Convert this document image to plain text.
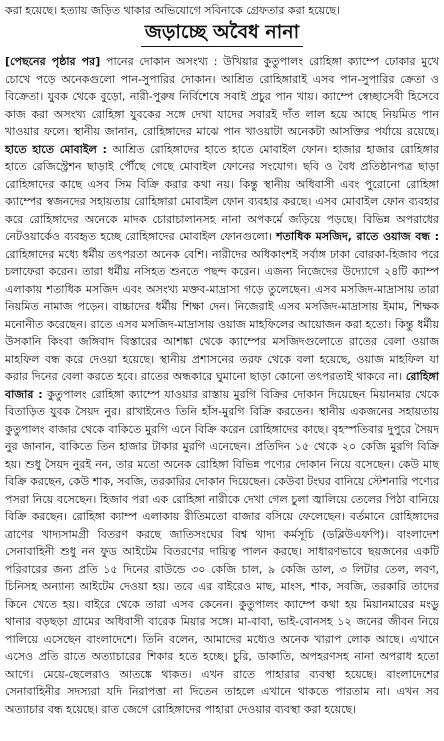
করা হয়েছে। হত্যায় জড়িত থাকার অভিযোগে সবিনাকে গ্রেফতার করা হয়েছে।
জড়াচ্ছে অবৈধ নানা
[পেছনের পৃষ্ঠার পর] পানের দোকান অসংখ্য : উখিয়ার কুতুপালং রোহিঙ্গা ক্যাম্পে ঢোকার মুখে চোখে পড়ে অনেকগুলো পান-সুপারির দোকান। আশ্রিত রোহিঙ্গারাই এসব পান-সুপারির ক্রেতা ও বিক্রেতা। যুবক থেকে বুড়ো, নারী-পুরুষ নির্বিশেষে সবাই প্রচুর পান খায়। ক্যাম্পে স্বেচ্ছাসেবী হিসেবে কাজ করা অসংখ্য রোহিঙ্গা যুবকের সঙ্গে দেখা যাদের সবারই দাঁত লাল হয়ে আছে নিয়মিত পান খাওয়ার ফলে। স্থানীয় জানান, রোহিঙ্গাদের মাঝে পান খাওয়াটা অনেকটা আসক্তির পর্যায়ে রয়েছে। হাতে হাতে মোবাইল : আশ্রিত রোহিঙ্গাদের হাতে হাতে মোবাইল ফোন। হাজার হাজার রোহিঙ্গার হাতে রেজিস্ট্রেশন ছাড়াই পৌঁছে গেছে মোবাইল ফোনের সংযোগ। ছবি ও বৈধ প্রতিষ্ঠানপত্র ছাড়া রোহিঙ্গাদের কাছে এসব সিম বিক্রি করার কথা নয়। কিন্তু স্থানীয় অধিবাসী এবং পুরোনো রোহিঙ্গা ক্যাম্পের স্বজনদের সহায়তায় রোহিঙ্গারা মোবাইল ফোন ব্যবহার করছে। এসব মোবাইল ফোন ব্যবহার করে রোহিঙ্গাদের অনেকে মাদক চোরাচালানসহ নানা অপকর্মে জড়িয়ে পড়ছে। বিভিন্ন অপরাধের নেটওয়ার্কেও ব্যবহৃত হচ্ছে রোহিঙ্গাদের মোবাইল ফোনগুলো। শতাধিক মসজিদ, রাতে ওয়াজ বন্ধ : রোহিঙ্গাদের মধ্যে ধর্মীয় তৎপরতা অনেক বেশি। নারীদের অধিকাংশই সর্বাঙ্গ ঢাকা বোরকা-হিজাব পরে চলাফেরা করেন। তারা ধর্মীয় নসিহত শুনতে পছন্দ করেন। এজন্য নিজেদের উদ্যোগে ২৪টি ক্যাম্প এলাকায় শতাধিক মসজিদ এবং অসংখ্য মক্তব-মাদ্রাসা গড়ে তুলেছেন। এসব মসজিদ-মাদ্রাসায় তারা নিয়মিত নামাজ পড়েন। বাচ্চাদের ধর্মীয় শিক্ষা দেন। নিজেরাই এসব মসজিদ-মাদ্রাসায় ইমাম, শিক্ষক মনোনীত করেছেন। রাতে এসব মসজিদ-মাদ্রাসায় ওয়াজ মাহফিলের আয়োজন করা হতো। কিন্তু ধর্মীয় উসকানি কিংবা জঙ্গিবাদ বিস্তারের আশঙ্কা থেকে ক্যাম্পের মসজিদগুলোতে রাতের বেলা ওয়াজ মাহফিল বন্ধ করে দেওয়া হয়েছে। স্থানীয় প্রশাসনের তরফ থেকে বলা হয়েছে, ওয়াজ মাহফিল যা করার দিনের বেলা করতে হবে। রাতের অন্ধকারে ঘুমানো ছাড়া কোনো তৎপরতাই থাকবে না। রোহিঙ্গা বাজার : কুতুপালং রোহিঙ্গা ক্যাম্পে যাওয়ার রাস্তায় মুরগি বিক্রির দোকান দিয়েছেন মিয়ানমার থেকে বিতাড়িত যুবক সৈয়দ নুর। রাখাইনেও তিনি হাঁস-মুরগি বিক্রি করতেন। স্থানীয় একজনের সহায়তায় কুতুপালং বাজার থেকে বাকিতে মুরগি এনে বিক্রি করেন রোহিঙ্গাদের কাছে। বৃহস্পতিবার দুপুরে সৈয়দ নুর জানান, বাকিতে তিন হাজার টাকার মুরগি এনেছেন। প্রতিদিন ১৫ থেকে ২০ কেজি মুরগি বিক্রি হয়। শুধু সৈয়দ নুরই নন, তার মতো অনেক রোহিঙ্গা বিভিন্ন পণ্যের দোকান নিয়ে বসেছেন। কেউ মাছ বিক্রি করছেন, কেউ শাক, সবজি, তরকারির দোকান দিয়েছেন। কেউবা টংঘর বানিয়ে স্টেশনারি পণ্যের পসরা নিয়ে বসেছেন। হিজাব পরা এক রোহিঙ্গা নারীকে দেখা গেল চুলা জ্বালিয়ে তেলের পিঠা বানিয়ে বিক্রি করছেন। রোহিঙ্গা ক্যাম্প এলাকায় রীতিমতো বাজার বসিয়ে ফেলেছেন। বর্তমানে রোহিঙ্গাদের ত্রাণের খাদ্যসামগ্রী বিতরণ করছে জাতিসংঘের বিশ্ব খাদ্য কর্মসূচি (ডব্লিউএফপি)। বাংলাদেশ সেনাবাহিনী শুধু নন ফুড আইটেম বিতরণের দায়িত্ব পালন করছে। সাধারণভাবে ছয়জনের একটি পরিবারের জন্য প্রতি ১৫ দিনের রাউন্ডে ৩০ কেজি চাল, ৯ কেজি ডাল, ৩ লিটার তেল, লবণ, চিনিসহ অন্যান্য আইটেম দেওয়া হয়। তবে এর বাইরেও মাছ, মাংস, শাক, সবজি, তরকারি তাদের কিনে খেতে হয়। বাইরে থেকে তারা এসব কেনেন। কুতুপালং ক্যাম্পে কথা হয় মিয়ানমারের মংডু থানার বড়ছড়া গ্রামের অধিবাসী বারেক মিয়ার সঙ্গে। মা-বাবা, ভাই-বোনসহ ১২ জনের জীবন নিয়ে পালিয়ে এসেছেন বাংলাদেশে। তিনি বলেন, আমাদের মধ্যেও অনেক খারাপ লোক আছে। এখানে এসেও প্রতি রাতে অত্যাচারের শিকার হতে হচ্ছে। চুরি, ডাকাতি, অপহরণসহ নানা অপরাধ হতো আগে। মেয়ে-ছেলেরাও আতঙ্কে থাকত। এখন রাতে পাহারার ব্যবস্থা হয়েছে। বাংলাদেশের সেনাবাহিনীর সদস্যরা যদি নিরাপত্তা না দিতেন তাহলে এখানে থাকতে পারতাম না। এখন সব অত্যাচার বন্ধ হয়েছে। রাত জেগে রোহিঙ্গাদের পাহারা দেওয়ার ব্যবস্থা করা হয়েছে।
